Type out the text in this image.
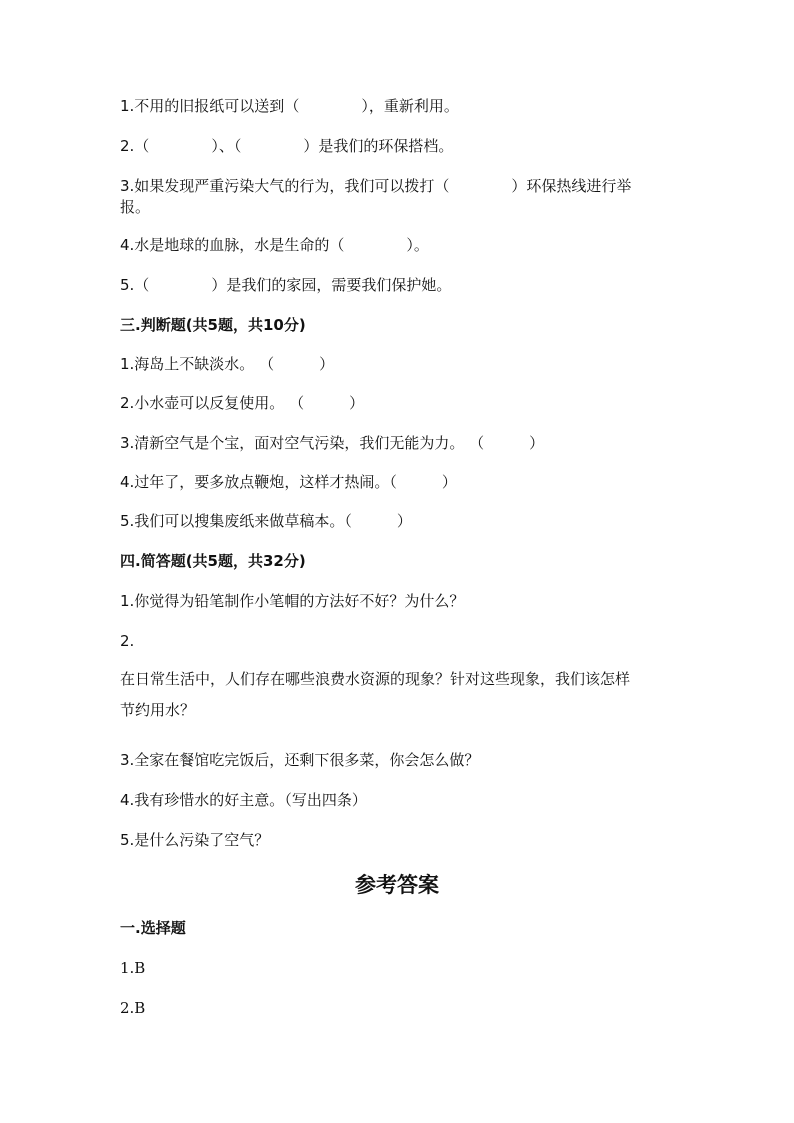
1.不用的旧报纸可以送到（	），重新利用。
2.（	）、（	）是我们的环保搭档。
3.如果发现严重污染大气的行为，我们可以拨打（	）环保热线进行举
报。
4.水是地球的血脉，水是生命的（	）。
5.（	）是我们的家园，需要我们保护她。
三.判断题(共5题，共10分)
1.海岛上不缺淡水。 （　　　）
2.小水壶可以反复使用。 （　　　）
3.清新空气是个宝，面对空气污染，我们无能为力。 （　　　）
4.过年了，要多放点鞭炮，这样才热闹。（　　　）
5.我们可以搜集废纸来做草稿本。（　　　）
四.简答题(共5题，共32分)
1.你觉得为铅笔制作小笔帽的方法好不好？为什么？
2.
在日常生活中，人们存在哪些浪费水资源的现象？针对这些现象，我们该怎样
节约用水？
3.全家在餐馆吃完饭后，还剩下很多菜，你会怎么做？
4.我有珍惜水的好主意。（写出四条）
5.是什么污染了空气？
参考答案
一.选择题
1.B
2.B
